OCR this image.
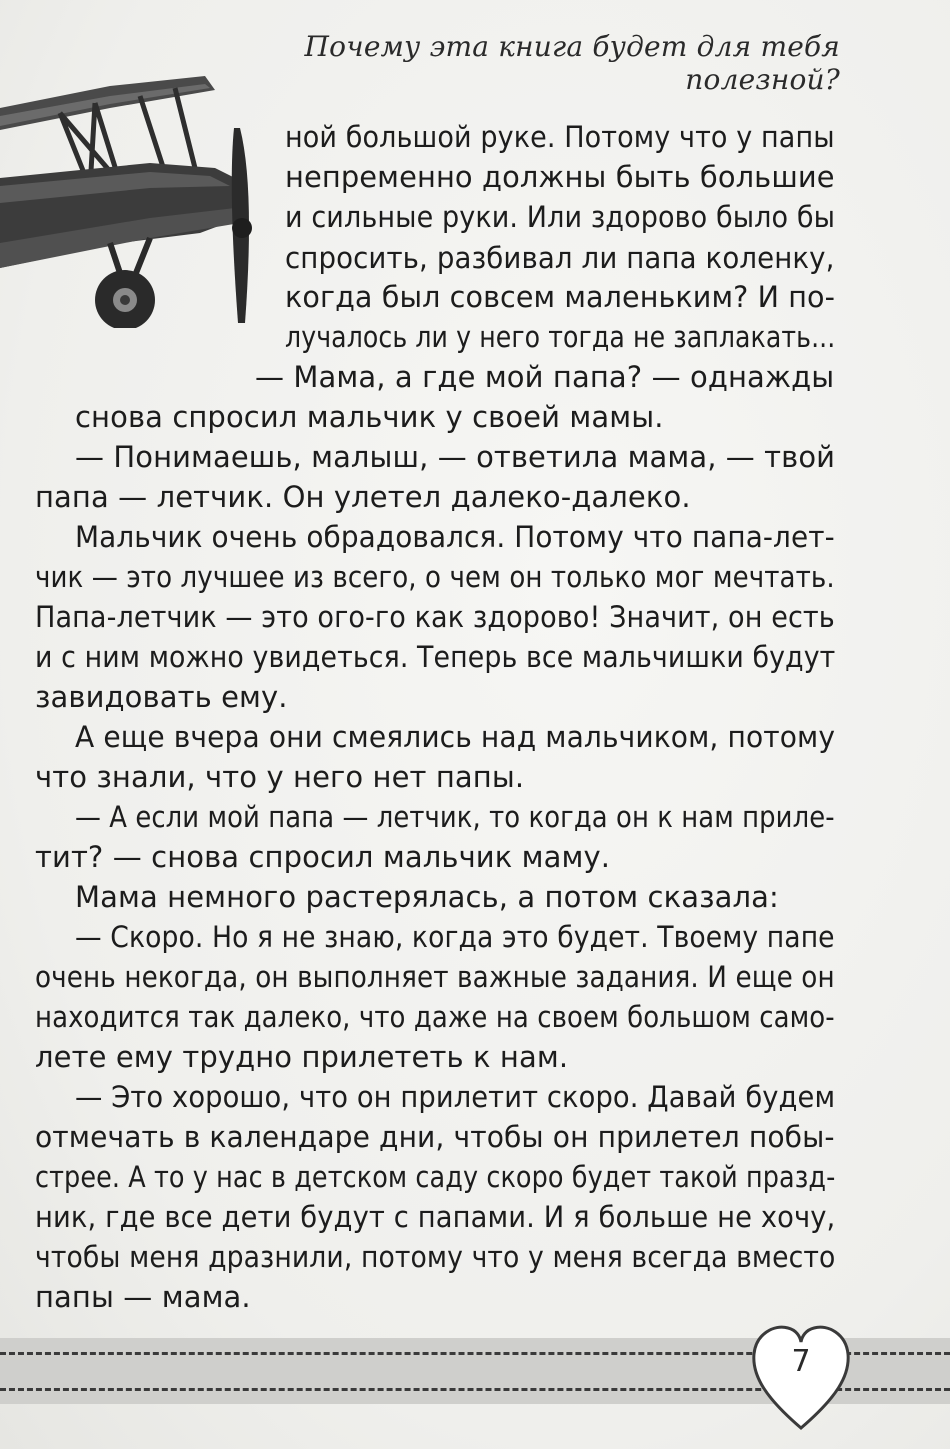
Почему эта книга будет для тебя полезной?
ной большой руке. Потому что у папы
непременно должны быть большие
и сильные руки. Или здорово было бы
спросить, разбивал ли папа коленку,
когда был совсем маленьким? И по-
лучалось ли у него тогда не заплакать...
— Мама, а где мой папа? — однажды
снова спросил мальчик у своей мамы.
— Понимаешь, малыш, — ответила мама, — твой
папа — летчик. Он улетел далеко-далеко.
Мальчик очень обрадовался. Потому что папа-лет-
чик — это лучшее из всего, о чем он только мог мечтать.
Папа-летчик — это ого-го как здорово! Значит, он есть
и с ним можно увидеться. Теперь все мальчишки будут
завидовать ему.
А еще вчера они смеялись над мальчиком, потому
что знали, что у него нет папы.
— А если мой папа — летчик, то когда он к нам приле-
тит? — снова спросил мальчик маму.
Мама немного растерялась, а потом сказала:
— Скоро. Но я не знаю, когда это будет. Твоему папе
очень некогда, он выполняет важные задания. И еще он
находится так далеко, что даже на своем большом само-
лете ему трудно прилететь к нам.
— Это хорошо, что он прилетит скоро. Давай будем
отмечать в календаре дни, чтобы он прилетел побы-
стрее. А то у нас в детском саду скоро будет такой празд-
ник, где все дети будут с папами. И я больше не хочу,
чтобы меня дразнили, потому что у меня всегда вместо
папы — мама.
7
